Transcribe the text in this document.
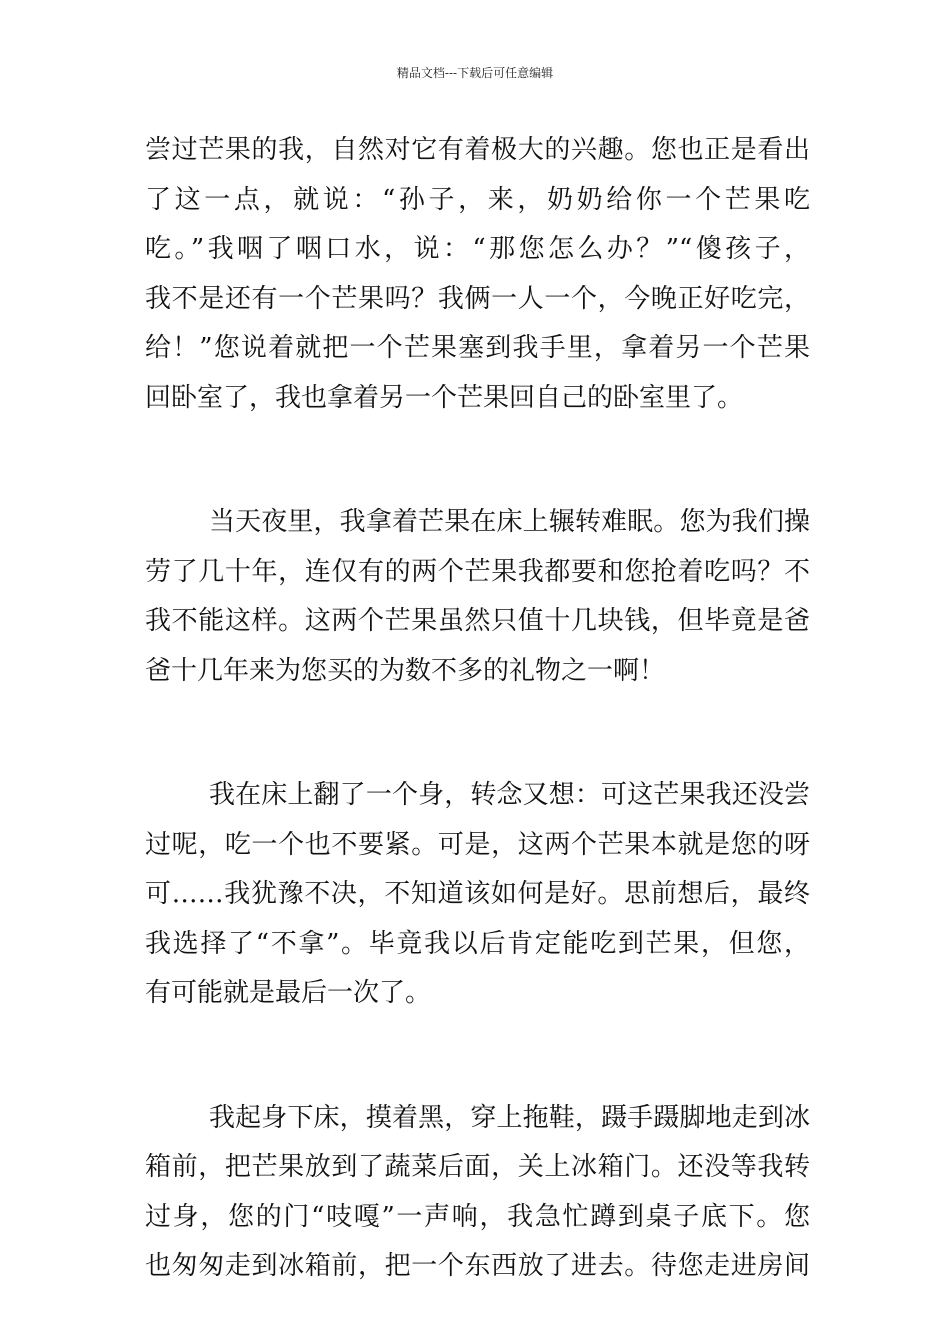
精品文档---下载后可任意编辑
尝过芒果的我，自然对它有着极大的兴趣。您也正是看出
了这一点，就说：“孙子，来，奶奶给你一个芒果吃
吃。”我咽了咽口水，说：“那您怎么办？”“傻孩子，
我不是还有一个芒果吗？我俩一人一个，今晚正好吃完，
给！”您说着就把一个芒果塞到我手里，拿着另一个芒果
回卧室了，我也拿着另一个芒果回自己的卧室里了。
当天夜里，我拿着芒果在床上辗转难眠。您为我们操
劳了几十年，连仅有的两个芒果我都要和您抢着吃吗？不
我不能这样。这两个芒果虽然只值十几块钱，但毕竟是爸
爸十几年来为您买的为数不多的礼物之一啊！
我在床上翻了一个身，转念又想：可这芒果我还没尝
过呢，吃一个也不要紧。可是，这两个芒果本就是您的呀
可……我犹豫不决，不知道该如何是好。思前想后，最终
我选择了“不拿”。毕竟我以后肯定能吃到芒果，但您，
有可能就是最后一次了。
我起身下床，摸着黑，穿上拖鞋，蹑手蹑脚地走到冰
箱前，把芒果放到了蔬菜后面，关上冰箱门。还没等我转
过身，您的门“吱嘎”一声响，我急忙蹲到桌子底下。您
也匆匆走到冰箱前，把一个东西放了进去。待您走进房间
